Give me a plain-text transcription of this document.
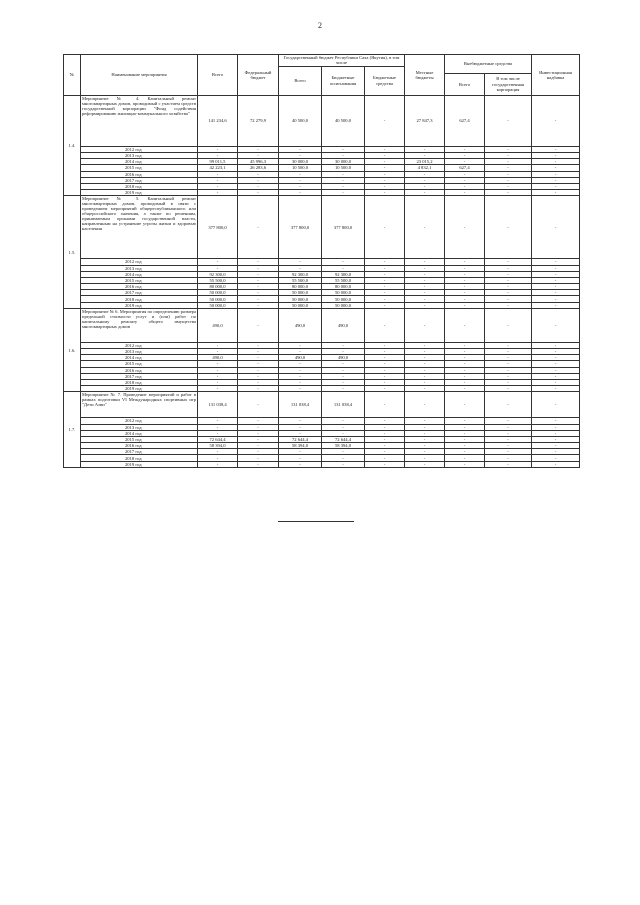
2
№	Наименование мероприятия	Всего	Федеральный бюджет	Государственный бюджет Республики Саха (Якутия), в том числе			Местные бюджеты	Внебюджетные средства		Инвестиционная надбавка
				Всего	Бюджетные ассигнования	Бюджетные средства				
								Всего	В том числе государственная корпорация	
1.4.	Мероприятие № 4. Капитальный ремонт многоквартирных домов, проводимый с участием средств государственной корпорации "Фонд содействия реформированию жилищно-коммунального хозяйства"	141 234,6	72 279,9	40 500,0	40 500,0	-	27 847,3	627,4	-	-
	2012 год	-	-	-	-	-	-	-	-	-
	2013 год	-	-	-	-	-	-	-	-	-
	2014 год	99 011,5	45 996,3	30 000,0	30 000,0	-	23 015,2	-	-	-
	2015 год	42 223,1	26 283,6	10 500,0	10 500,0	-	4 832,1	627,4	-	-
	2016 год	-	-	-	-	-	-	-	-	-
	2017 год	-	-	-	-	-	-	-	-	-
	2018 год	-	-	-	-	-	-	-	-	-
	2019 год	-	-	-	-	-	-	-	-	-
1.5.	Мероприятие № 5. Капитальный ремонт многоквартирных домов, проводимый в связи с проведением мероприятий общереспубликанского или общероссийского значения, а также по решениям, принимаемым органами государственной власти, направленным на устранение угрозы жизни и здоровью населения	377 800,0	-	377 800,0	377 800,0	-	-	-	-	-
	2012 год	-	-	-	-	-	-	-	-	-
	2013 год	-	-	-	-	-	-	-	-	-
	2014 год	92 300,0	-	92 300,0	92 300,0	-	-	-	-	-
	2015 год	55 500,0	-	55 500,0	55 500,0	-	-	-	-	-
	2016 год	80 000,0	-	80 000,0	80 000,0	-	-	-	-	-
	2017 год	50 000,0	-	50 000,0	50 000,0	-	-	-	-	-
	2018 год	50 000,0	-	50 000,0	50 000,0	-	-	-	-	-
	2019 год	50 000,0	-	50 000,0	50 000,0	-	-	-	-	-
1.6.	Мероприятие № 6. Мероприятия по определению размера предельной стоимости услуг и (или) работ по капитальному ремонту общего имущества многоквартирных домов	490,0	-	490,0	490,0	-	-	-	-	-
	2012 год	-	-	-	-	-	-	-	-	-
	2013 год	-	-	-	-	-	-	-	-	-
	2014 год	490,0	-	490,0	490,0	-	-	-	-	-
	2015 год	-	-	-	-	-	-	-	-	-
	2016 год	-	-	-	-	-	-	-	-	-
	2017 год	-	-	-	-	-	-	-	-	-
	2018 год	-	-	-	-	-	-	-	-	-
	2019 год	-	-	-	-	-	-	-	-	-
1.7.	Мероприятие № 7. Проведение мероприятий и работ в рамках подготовки VI Международных спортивных игр "Дети Азии"	131 038,4	-	131 038,4	131 038,4	-	-	-	-	-
	2012 год	-	-	-	-	-	-	-	-	-
	2013 год	-	-	-	-	-	-	-	-	-
	2014 год	-	-	-	-	-	-	-	-	-
	2015 год	72 644,4	-	72 644,4	72 644,4	-	-	-	-	-
	2016 год	58 394,0	-	58 394,0	58 394,0	-	-	-	-	-
	2017 год	-	-	-	-	-	-	-	-	-
	2018 год	-	-	-	-	-	-	-	-	-
	2019 год	-	-	-	-	-	-	-	-	-
